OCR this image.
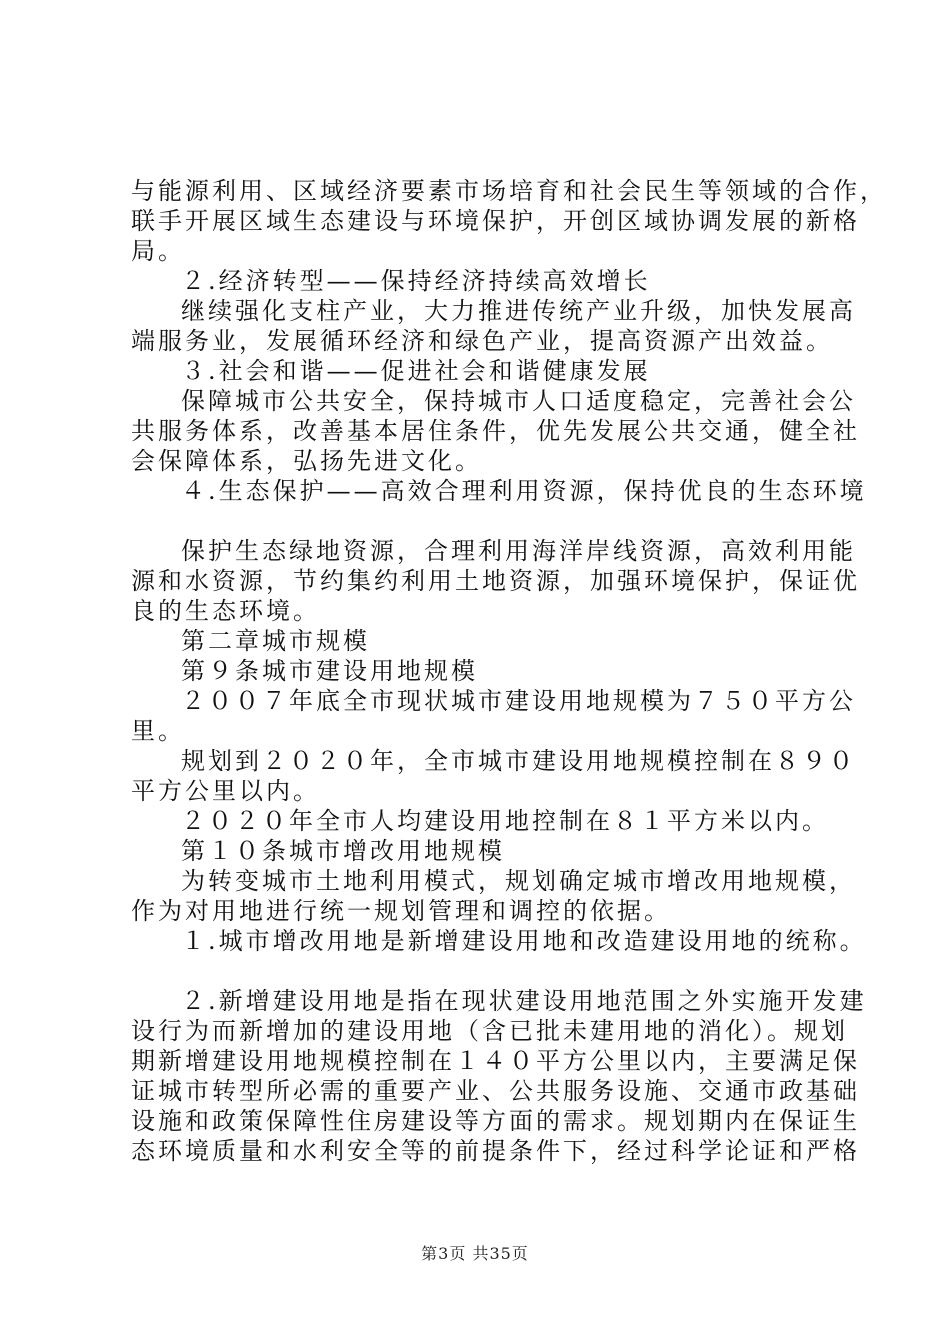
与能源利用、区域经济要素市场培育和社会民生等领域的合作，
联手开展区域生态建设与环境保护，开创区域协调发展的新格
局。
２.经济转型——保持经济持续高效增长
继续强化支柱产业，大力推进传统产业升级，加快发展高
端服务业，发展循环经济和绿色产业，提高资源产出效益。
３.社会和谐——促进社会和谐健康发展
保障城市公共安全，保持城市人口适度稳定，完善社会公
共服务体系，改善基本居住条件，优先发展公共交通，健全社
会保障体系，弘扬先进文化。
４.生态保护——高效合理利用资源，保持优良的生态环境
保护生态绿地资源，合理利用海洋岸线资源，高效利用能
源和水资源，节约集约利用土地资源，加强环境保护，保证优
良的生态环境。
第二章城市规模
第９条城市建设用地规模
２００７年底全市现状城市建设用地规模为７５０平方公
里。
规划到２０２０年，全市城市建设用地规模控制在８９０
平方公里以内。
２０２０年全市人均建设用地控制在８１平方米以内。
第１０条城市增改用地规模
为转变城市土地利用模式，规划确定城市增改用地规模，
作为对用地进行统一规划管理和调控的依据。
１.城市增改用地是新增建设用地和改造建设用地的统称。
２.新增建设用地是指在现状建设用地范围之外实施开发建
设行为而新增加的建设用地（含已批未建用地的消化）。规划
期新增建设用地规模控制在１４０平方公里以内，主要满足保
证城市转型所必需的重要产业、公共服务设施、交通市政基础
设施和政策保障性住房建设等方面的需求。规划期内在保证生
态环境质量和水利安全等的前提条件下，经过科学论证和严格
第3页 共35页
